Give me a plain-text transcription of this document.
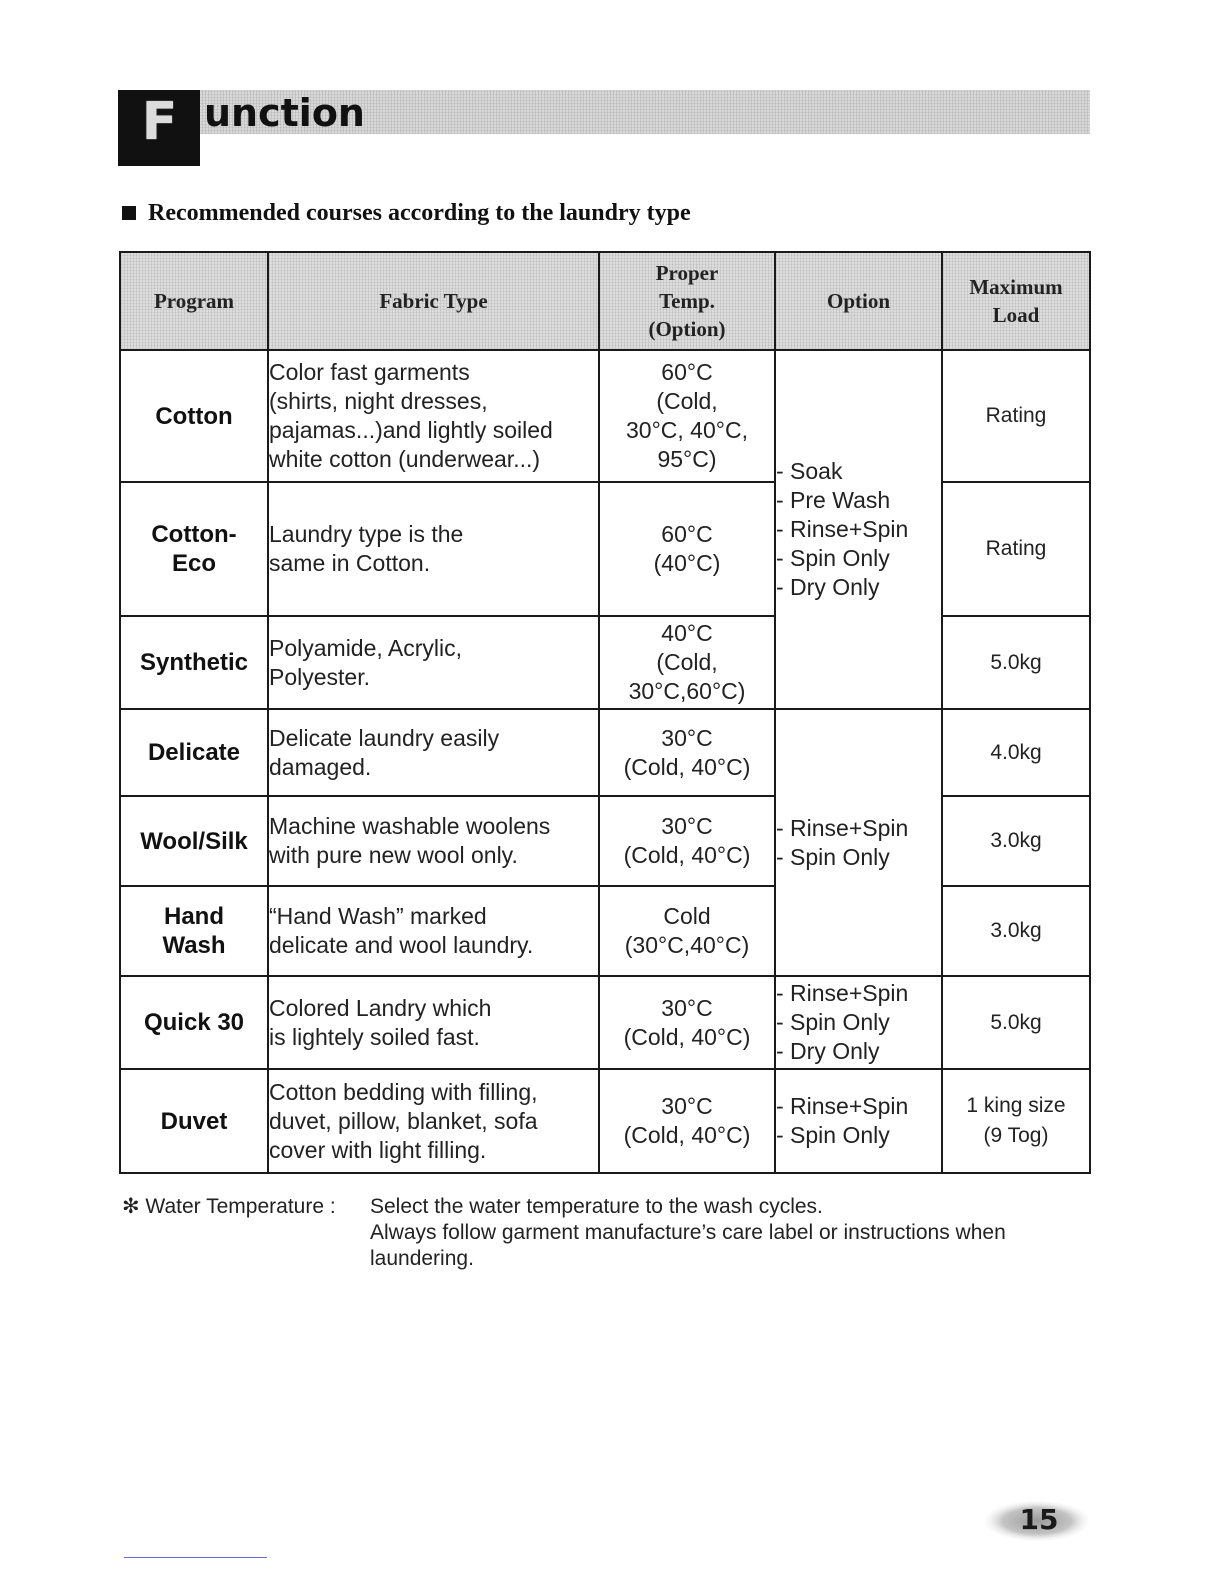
F unction
Recommended courses according to the laundry type
Program	Fabric Type	Proper
Temp.
(Option)	Option	Maximum
Load
Cotton	Color fast garments
(shirts, night dresses,
pajamas...)and lightly soiled
white cotton (underwear...)	60°C
(Cold,
30°C, 40°C,
95°C)	- Soak
- Pre Wash
- Rinse+Spin
- Spin Only
- Dry Only	Rating
Cotton-
Eco	Laundry type is the
same in Cotton.	60°C
(40°C)		Rating
Synthetic	Polyamide, Acrylic,
Polyester.	40°C
(Cold,
30°C,60°C)		5.0kg
Delicate	Delicate laundry easily
damaged.	30°C
(Cold, 40°C)	- Rinse+Spin
- Spin Only	4.0kg
Wool/Silk	Machine washable woolens
with pure new wool only.	30°C
(Cold, 40°C)		3.0kg
Hand
Wash	“Hand Wash” marked
delicate and wool laundry.	Cold
(30°C,40°C)		3.0kg
Quick 30	Colored Landry which
is lightely soiled fast.	30°C
(Cold, 40°C)	- Rinse+Spin
- Spin Only
- Dry Only	5.0kg
Duvet	Cotton bedding with filling,
duvet, pillow, blanket, sofa
cover with light filling.	30°C
(Cold, 40°C)	- Rinse+Spin
- Spin Only	1 king size
(9 Tog)
✻ Water Temperature : Select the water temperature to the wash cycles.
Always follow garment manufacture’s care label or instructions when laundering.
15
